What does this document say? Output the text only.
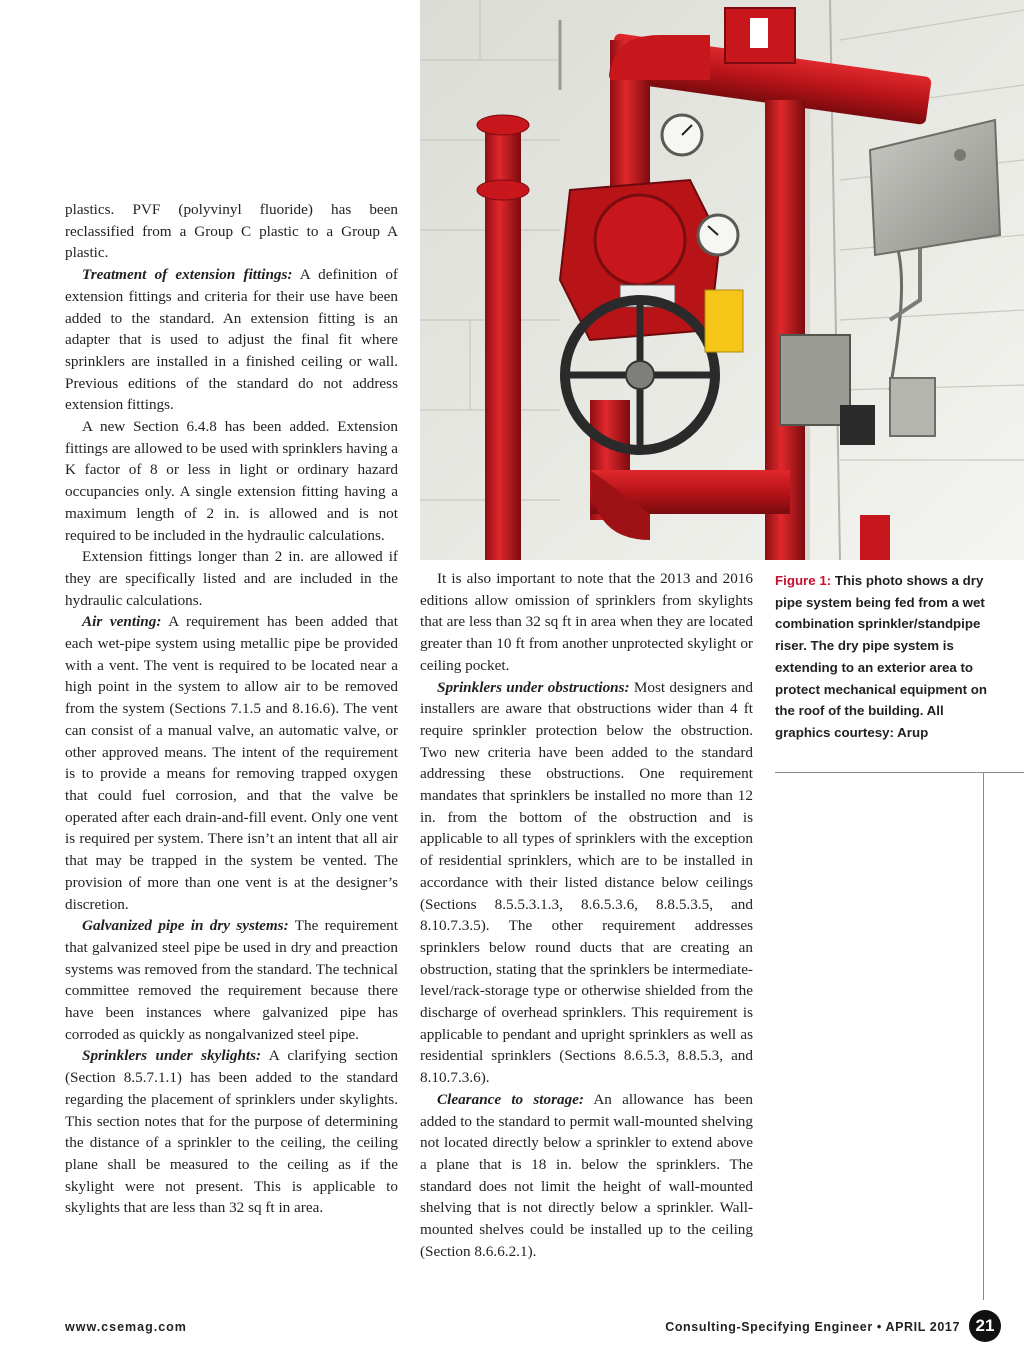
plastics. PVF (polyvinyl fluoride) has been reclassified from a Group C plastic to a Group A plastic.

Treatment of extension fittings: A definition of extension fittings and criteria for their use have been added to the standard. An extension fitting is an adapter that is used to adjust the final fit where sprinklers are installed in a finished ceiling or wall. Previous editions of the standard do not address extension fittings.

A new Section 6.4.8 has been added. Extension fittings are allowed to be used with sprinklers having a K factor of 8 or less in light or ordinary hazard occupancies only. A single extension fitting having a maximum length of 2 in. is allowed and is not required to be included in the hydraulic calculations.

Extension fittings longer than 2 in. are allowed if they are specifically listed and are included in the hydraulic calculations.

Air venting: A requirement has been added that each wet-pipe system using metallic pipe be provided with a vent. The vent is required to be located near a high point in the system to allow air to be removed from the system (Sections 7.1.5 and 8.16.6). The vent can consist of a manual valve, an automatic valve, or other approved means. The intent of the requirement is to provide a means for removing trapped oxygen that could fuel corrosion, and that the valve be operated after each drain-and-fill event. Only one vent is required per system. There isn’t an intent that all air that may be trapped in the system be vented. The provision of more than one vent is at the designer’s discretion.

Galvanized pipe in dry systems: The requirement that galvanized steel pipe be used in dry and preaction systems was removed from the standard. The technical committee removed the requirement because there have been instances where galvanized pipe has corroded as quickly as nongalvanized steel pipe.

Sprinklers under skylights: A clarifying section (Section 8.5.7.1.1) has been added to the standard regarding the placement of sprinklers under skylights. This section notes that for the purpose of determining the distance of a sprinkler to the ceiling, the ceiling plane shall be measured to the ceiling as if the skylight were not present. This is applicable to skylights that are less than 32 sq ft in area.

It is also important to note that the 2013 and 2016 editions allow omission of sprinklers from skylights that are less than 32 sq ft in area when they are located greater than 10 ft from another unprotected skylight or ceiling pocket.

Sprinklers under obstructions: Most designers and installers are aware that obstructions wider than 4 ft require sprinkler protection below the obstruction. Two new criteria have been added to the standard addressing these obstructions. One requirement mandates that sprinklers be installed no more than 12 in. from the bottom of the obstruction and is applicable to all types of sprinklers with the exception of residential sprinklers, which are to be installed in accordance with their listed distance below ceilings (Sections 8.5.5.3.1.3, 8.6.5.3.6, 8.8.5.3.5, and 8.10.7.3.5). The other requirement addresses sprinklers below round ducts that are creating an obstruction, stating that the sprinklers be intermediate-level/rack-storage type or otherwise shielded from the discharge of overhead sprinklers. This requirement is applicable to pendant and upright sprinklers as well as residential sprinklers (Sections 8.6.5.3, 8.8.5.3, and 8.10.7.3.6).

Clearance to storage: An allowance has been added to the standard to permit wall-mounted shelving not located directly below a sprinkler to extend above a plane that is 18 in. below the sprinklers. The standard does not limit the height of wall-mounted shelving that is not directly below a sprinkler. Wall-mounted shelves could be installed up to the ceiling (Section 8.6.6.2.1).

Figure 1: This photo shows a dry pipe system being fed from a wet combination sprinkler/standpipe riser. The dry pipe system is extending to an exterior area to protect mechanical equipment on the roof of the building. All graphics courtesy: Arup
www.csemag.com	Consulting-Specifying Engineer • APRIL 2017 21
